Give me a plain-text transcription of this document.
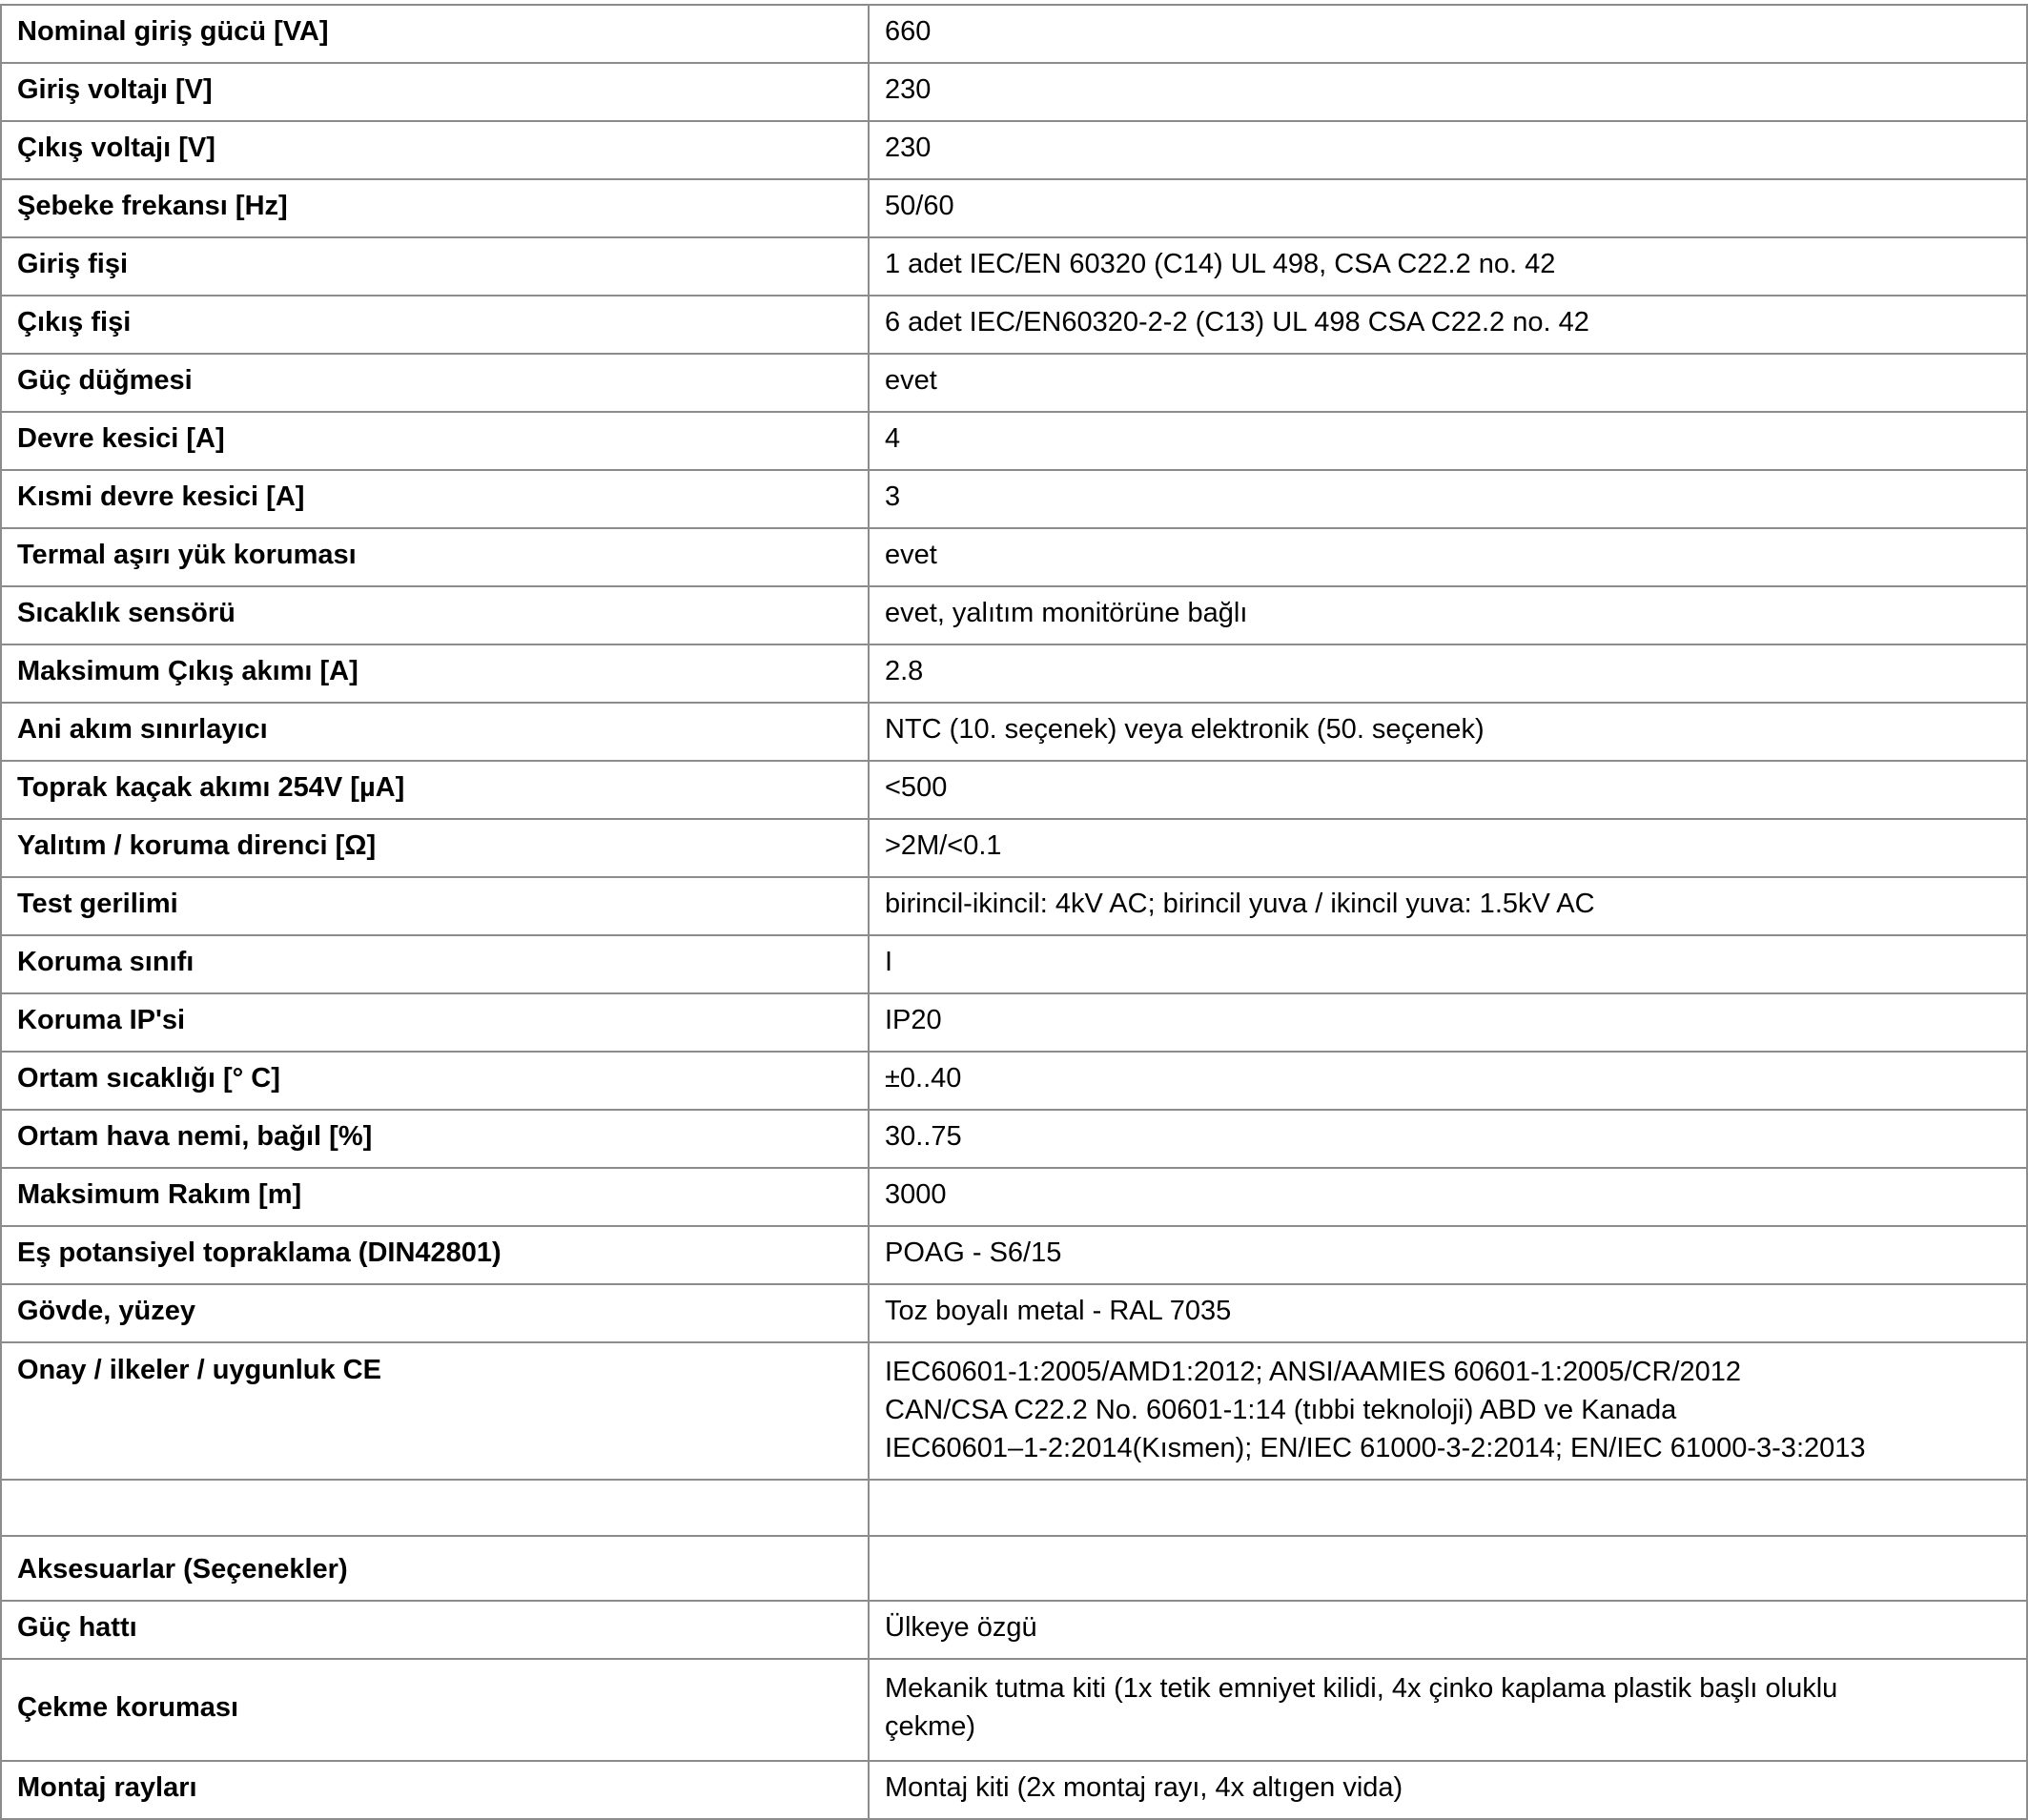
Nominal giriş gücü [VA]	660
Giriş voltajı [V]	230
Çıkış voltajı [V]	230
Şebeke frekansı [Hz]	50/60
Giriş fişi	1 adet IEC/EN 60320 (C14) UL 498, CSA C22.2 no. 42
Çıkış fişi	6 adet IEC/EN60320-2-2 (C13) UL 498 CSA C22.2 no. 42
Güç düğmesi	evet
Devre kesici [A]	4
Kısmi devre kesici [A]	3
Termal aşırı yük koruması	evet
Sıcaklık sensörü	evet, yalıtım monitörüne bağlı
Maksimum Çıkış akımı [A]	2.8
Ani akım sınırlayıcı	NTC (10. seçenek) veya elektronik (50. seçenek)
Toprak kaçak akımı 254V [µA]	<500
Yalıtım / koruma direnci [Ω]	>2M/<0.1
Test gerilimi	birincil-ikincil: 4kV AC; birincil yuva / ikincil yuva: 1.5kV AC
Koruma sınıfı	I
Koruma IP'si	IP20
Ortam sıcaklığı [° C]	±0..40
Ortam hava nemi, bağıl [%]	30..75
Maksimum Rakım [m]	3000
Eş potansiyel topraklama (DIN42801)	POAG - S6/15
Gövde, yüzey	Toz boyalı metal - RAL 7035
Onay / ilkeler / uygunluk CE	IEC60601-1:2005/AMD1:2012; ANSI/AAMIES 60601-1:2005/CR/2012
CAN/CSA C22.2 No. 60601-1:14 (tıbbi teknoloji) ABD ve Kanada
IEC60601–1-2:2014(Kısmen); EN/IEC 61000-3-2:2014; EN/IEC 61000-3-3:2013

Aksesuarlar (Seçenekler)	
Güç hattı	Ülkeye özgü
Çekme koruması	Mekanik tutma kiti (1x tetik emniyet kilidi, 4x çinko kaplama plastik başlı oluklu
çekme)

Montaj rayları	Montaj kiti (2x montaj rayı, 4x altıgen vida)
